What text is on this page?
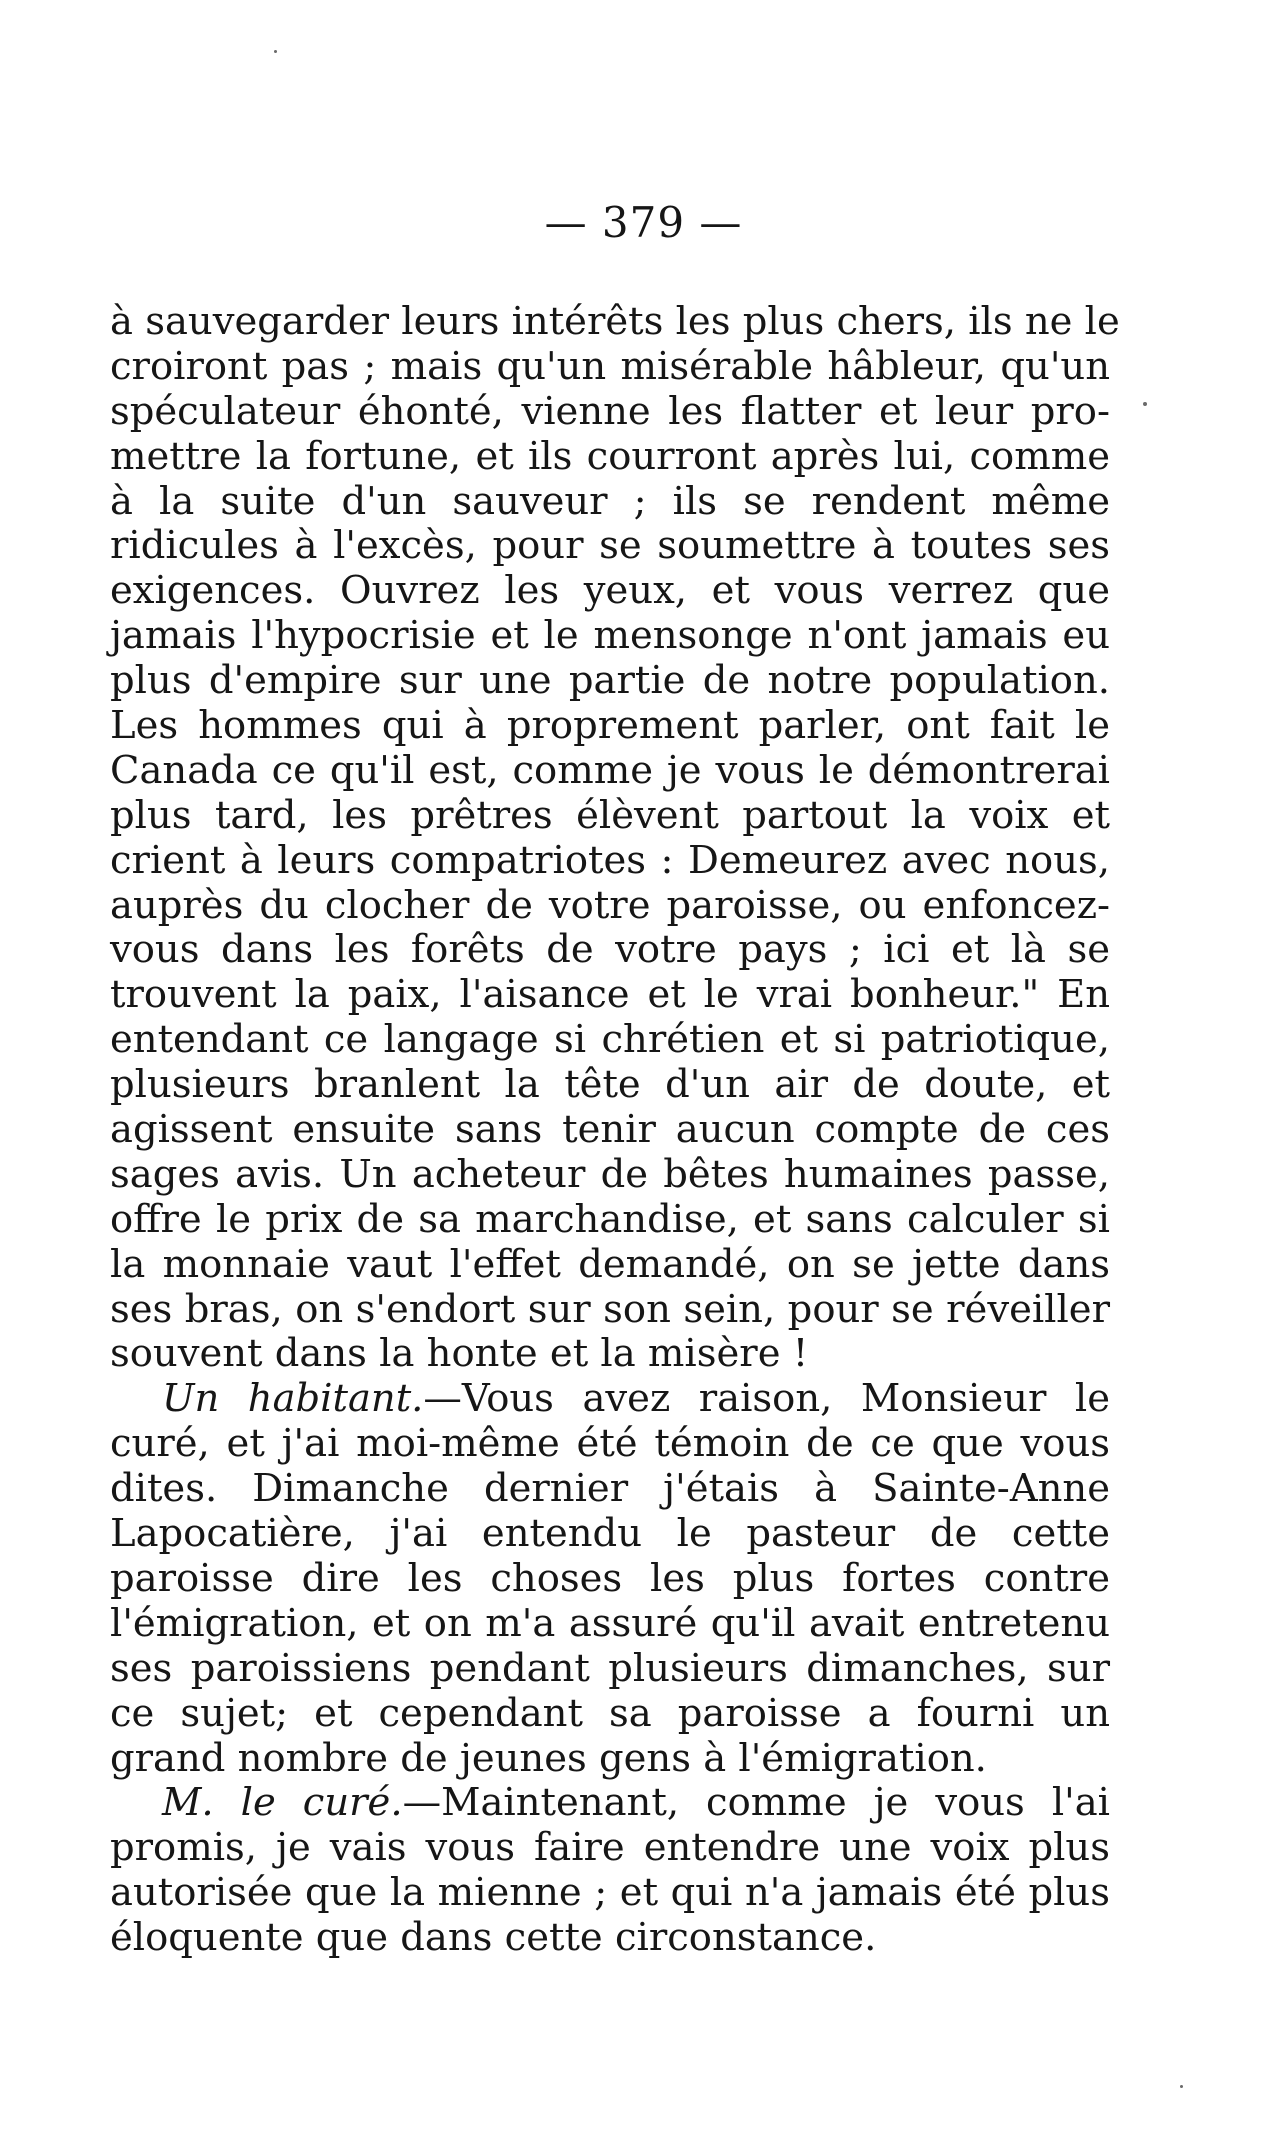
— 379 —
à sauvegarder leurs intérêts les plus chers, ils ne le
croiront pas ; mais qu'un misérable hâbleur, qu'un
spéculateur éhonté, vienne les flatter et leur pro-
mettre la fortune, et ils courront après lui, comme
à la suite d'un sauveur ; ils se rendent même
ridicules à l'excès, pour se soumettre à toutes ses
exigences. Ouvrez les yeux, et vous verrez que
jamais l'hypocrisie et le mensonge n'ont jamais eu
plus d'empire sur une partie de notre population.
Les hommes qui à proprement parler, ont fait le
Canada ce qu'il est, comme je vous le démontrerai
plus tard, les prêtres élèvent partout la voix et
crient à leurs compatriotes : Demeurez avec nous,
auprès du clocher de votre paroisse, ou enfoncez-
vous dans les forêts de votre pays ; ici et là se
trouvent la paix, l'aisance et le vrai bonheur." En
entendant ce langage si chrétien et si patriotique,
plusieurs branlent la tête d'un air de doute, et
agissent ensuite sans tenir aucun compte de ces
sages avis. Un acheteur de bêtes humaines passe,
offre le prix de sa marchandise, et sans calculer si
la monnaie vaut l'effet demandé, on se jette dans
ses bras, on s'endort sur son sein, pour se réveiller
souvent dans la honte et la misère !
Un habitant.—Vous avez raison, Monsieur le
curé, et j'ai moi-même été témoin de ce que vous
dites. Dimanche dernier j'étais à Sainte-Anne
Lapocatière, j'ai entendu le pasteur de cette
paroisse dire les choses les plus fortes contre
l'émigration, et on m'a assuré qu'il avait entretenu
ses paroissiens pendant plusieurs dimanches, sur
ce sujet; et cependant sa paroisse a fourni un
grand nombre de jeunes gens à l'émigration.
M. le curé.—Maintenant, comme je vous l'ai
promis, je vais vous faire entendre une voix plus
autorisée que la mienne ; et qui n'a jamais été plus
éloquente que dans cette circonstance.
